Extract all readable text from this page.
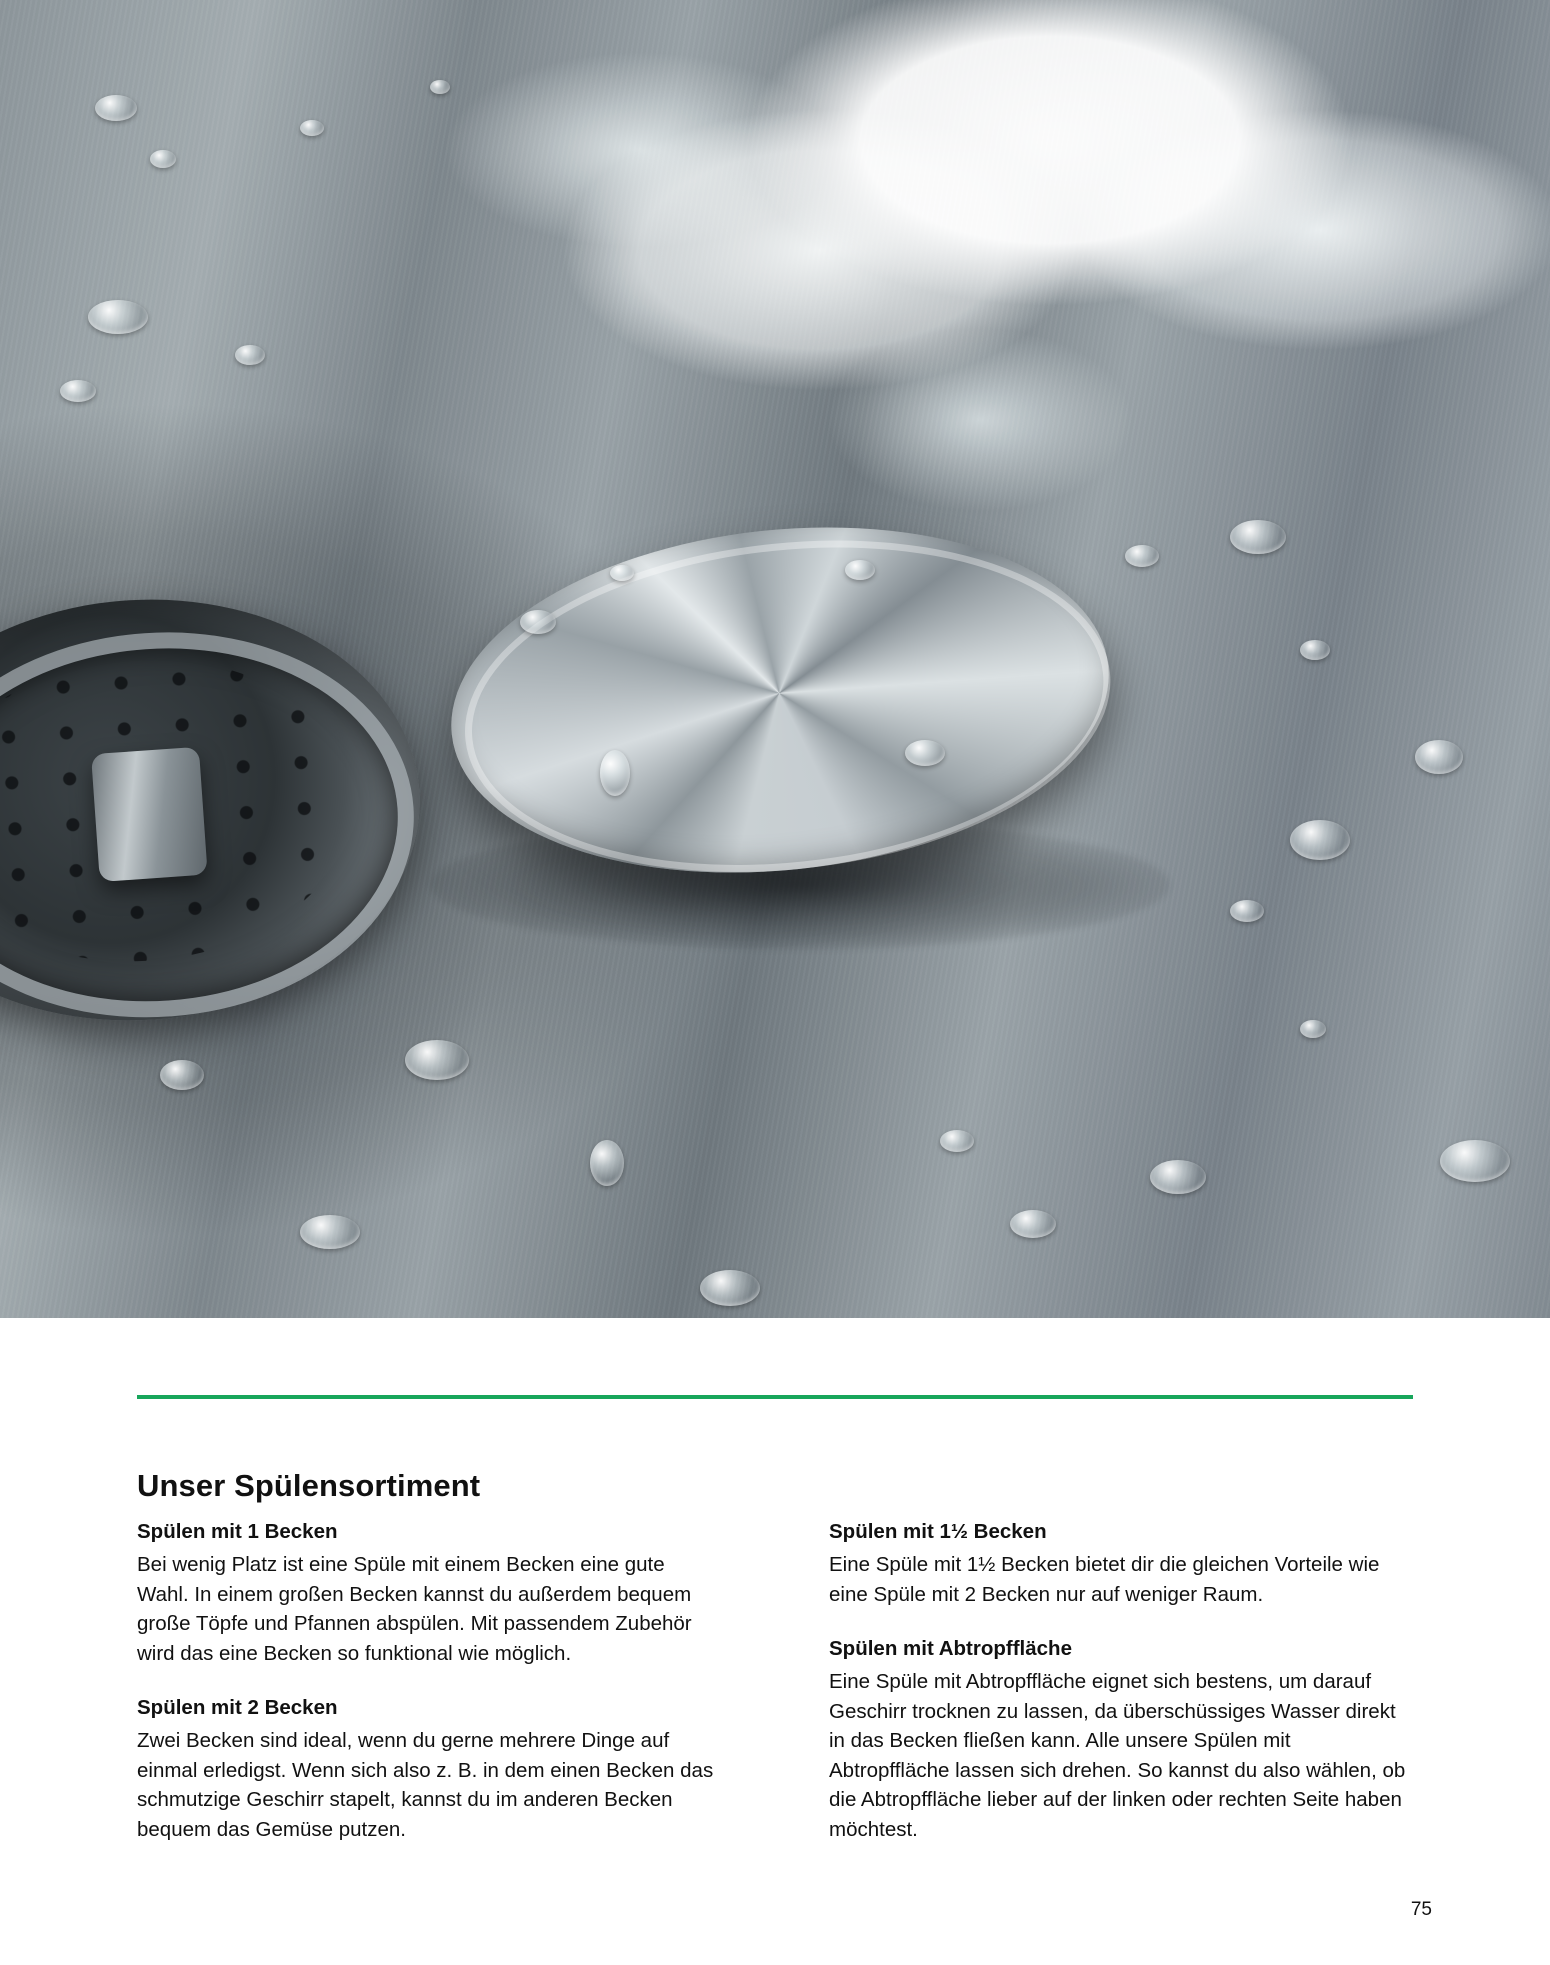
Unser Spülensortiment
Spülen mit 1 Becken

Bei wenig Platz ist eine Spüle mit einem Becken eine gute Wahl. In einem großen Becken kannst du außerdem bequem große Töpfe und Pfannen abspülen. Mit passendem Zubehör wird das eine Becken so funktional wie möglich.

Spülen mit 2 Becken

Zwei Becken sind ideal, wenn du gerne mehrere Dinge auf einmal erledigst. Wenn sich also z. B. in dem einen Becken das schmutzige Geschirr stapelt, kannst du im anderen Becken bequem das Gemüse putzen.

Spülen mit 1½ Becken

Eine Spüle mit 1½ Becken bietet dir die gleichen Vorteile wie eine Spüle mit 2 Becken nur auf weniger Raum.

Spülen mit Abtropffläche

Eine Spüle mit Abtropffläche eignet sich bestens, um darauf Geschirr trocknen zu lassen, da überschüssiges Wasser direkt in das Becken fließen kann. Alle unsere Spülen mit Abtropffläche lassen sich drehen. So kannst du also wählen, ob die Abtropffläche lieber auf der linken oder rechten Seite haben möchtest.

75
